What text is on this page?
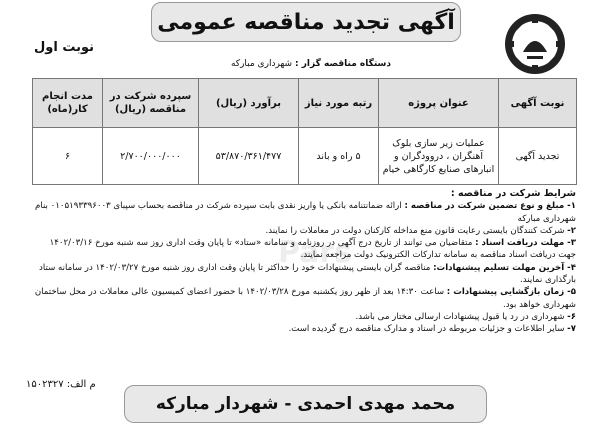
Pars
آگهی تجدید مناقصه عمومی
نوبت اول
دستگاه مناقصه گزار : شهرداری مبارکه
نوبت آگهی	عنوان پروژه	رتبه مورد نیاز	برآورد (ریال)	سپرده شرکت در مناقصه (ریال)	مدت انجام کار(ماه)
تجدید آگهی	عملیات زیر سازی بلوک آهنگران ، دروودگران و انبارهای صنایع کارگاهی خیام	۵ راه و باند	۵۳/۸۷۰/۳۶۱/۴۷۷	۲/۷۰۰/۰۰۰/۰۰۰	۶
شرایط شرکت در مناقصه :

۱- مبلغ و نوع تضمین شرکت در مناقصه : ارائه ضمانتنامه بانکی یا واریز نقدی بابت سپرده شرکت در مناقصه بحساب سپبای ۰۱۰۵۱۹۳۳۹۶۰۰۳ بنام شهرداری مبارکه

۲- شرکت کنندگان بایستی رعایت قانون منع مداخله کارکنان دولت در معاملات را نمایند.

۳- مهلت دریافت اسناد : متقاضیان می توانند از تاریخ درج آگهی در روزنامه و سامانه «ستاد» تا پایان وقت اداری روز سه شنبه مورخ ۱۴۰۲/۰۳/۱۶ جهت دریافت اسناد مناقصه به سامانه تدارکات الکترونیک دولت مراجعه نمایند.

۴- آخرین مهلت تسلیم پیشنهادات: مناقصه گران بایستی پیشنهادات خود را حداکثر تا پایان وقت اداری روز شنبه مورخ ۱۴۰۲/۰۳/۲۷ در سامانه ستاد بارگذاری نمایند.

۵- زمان بازگشایی پیشنهادات : ساعت ۱۴:۳۰ بعد از ظهر روز یکشنبه مورخ ۱۴۰۲/۰۳/۲۸ با حضور اعضای کمیسیون عالی معاملات در محل ساختمان شهرداری خواهد بود.

۶- شهرداری در رد یا قبول پیشنهادات ارسالی مختار می باشد.

۷- سایر اطلاعات و جزئیات مربوطه در اسناد و مدارک مناقصه درج گردیده است.

م الف: ۱۵۰۲۳۲۷
محمد مهدی احمدی - شهردار مبارکه
